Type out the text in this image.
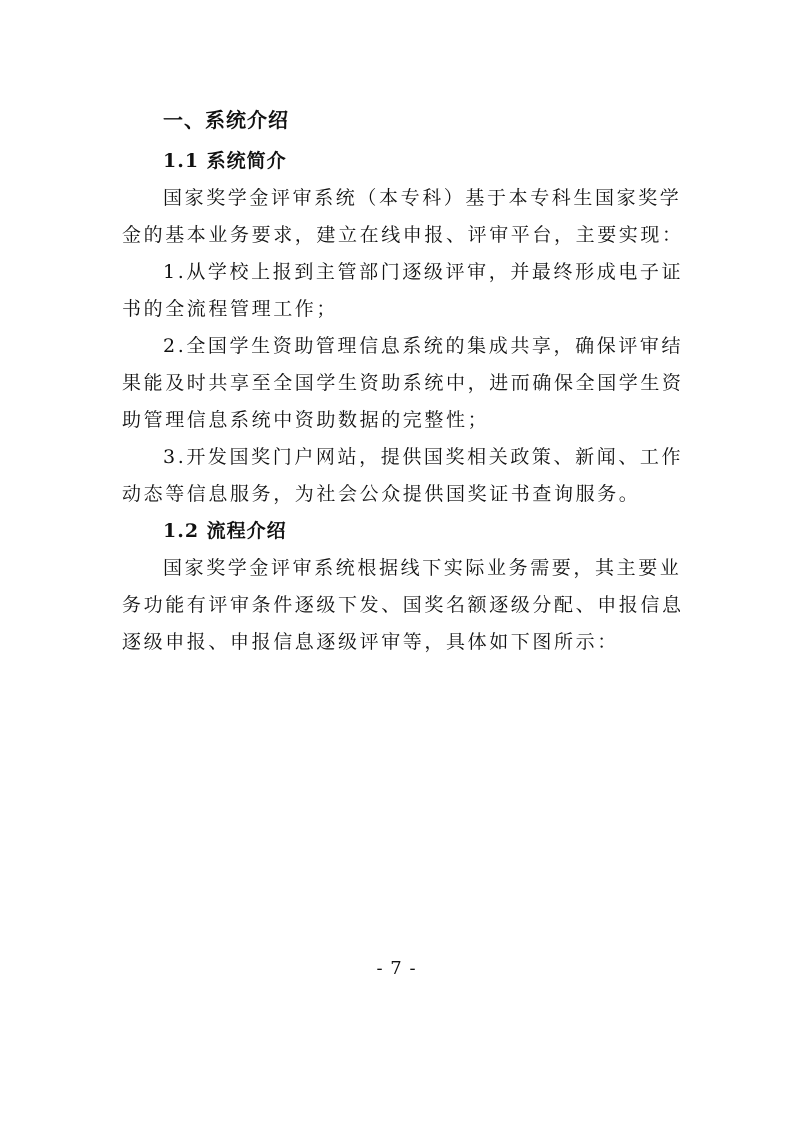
一、系统介绍
1.1 系统简介
国家奖学金评审系统（本专科）基于本专科生国家奖学
金的基本业务要求，建立在线申报、评审平台，主要实现：
1.从学校上报到主管部门逐级评审，并最终形成电子证
书的全流程管理工作；
2.全国学生资助管理信息系统的集成共享，确保评审结
果能及时共享至全国学生资助系统中，进而确保全国学生资
助管理信息系统中资助数据的完整性；
3.开发国奖门户网站，提供国奖相关政策、新闻、工作
动态等信息服务，为社会公众提供国奖证书查询服务。
1.2 流程介绍
国家奖学金评审系统根据线下实际业务需要，其主要业
务功能有评审条件逐级下发、国奖名额逐级分配、申报信息
逐级申报、申报信息逐级评审等，具体如下图所示：
- 7 -
